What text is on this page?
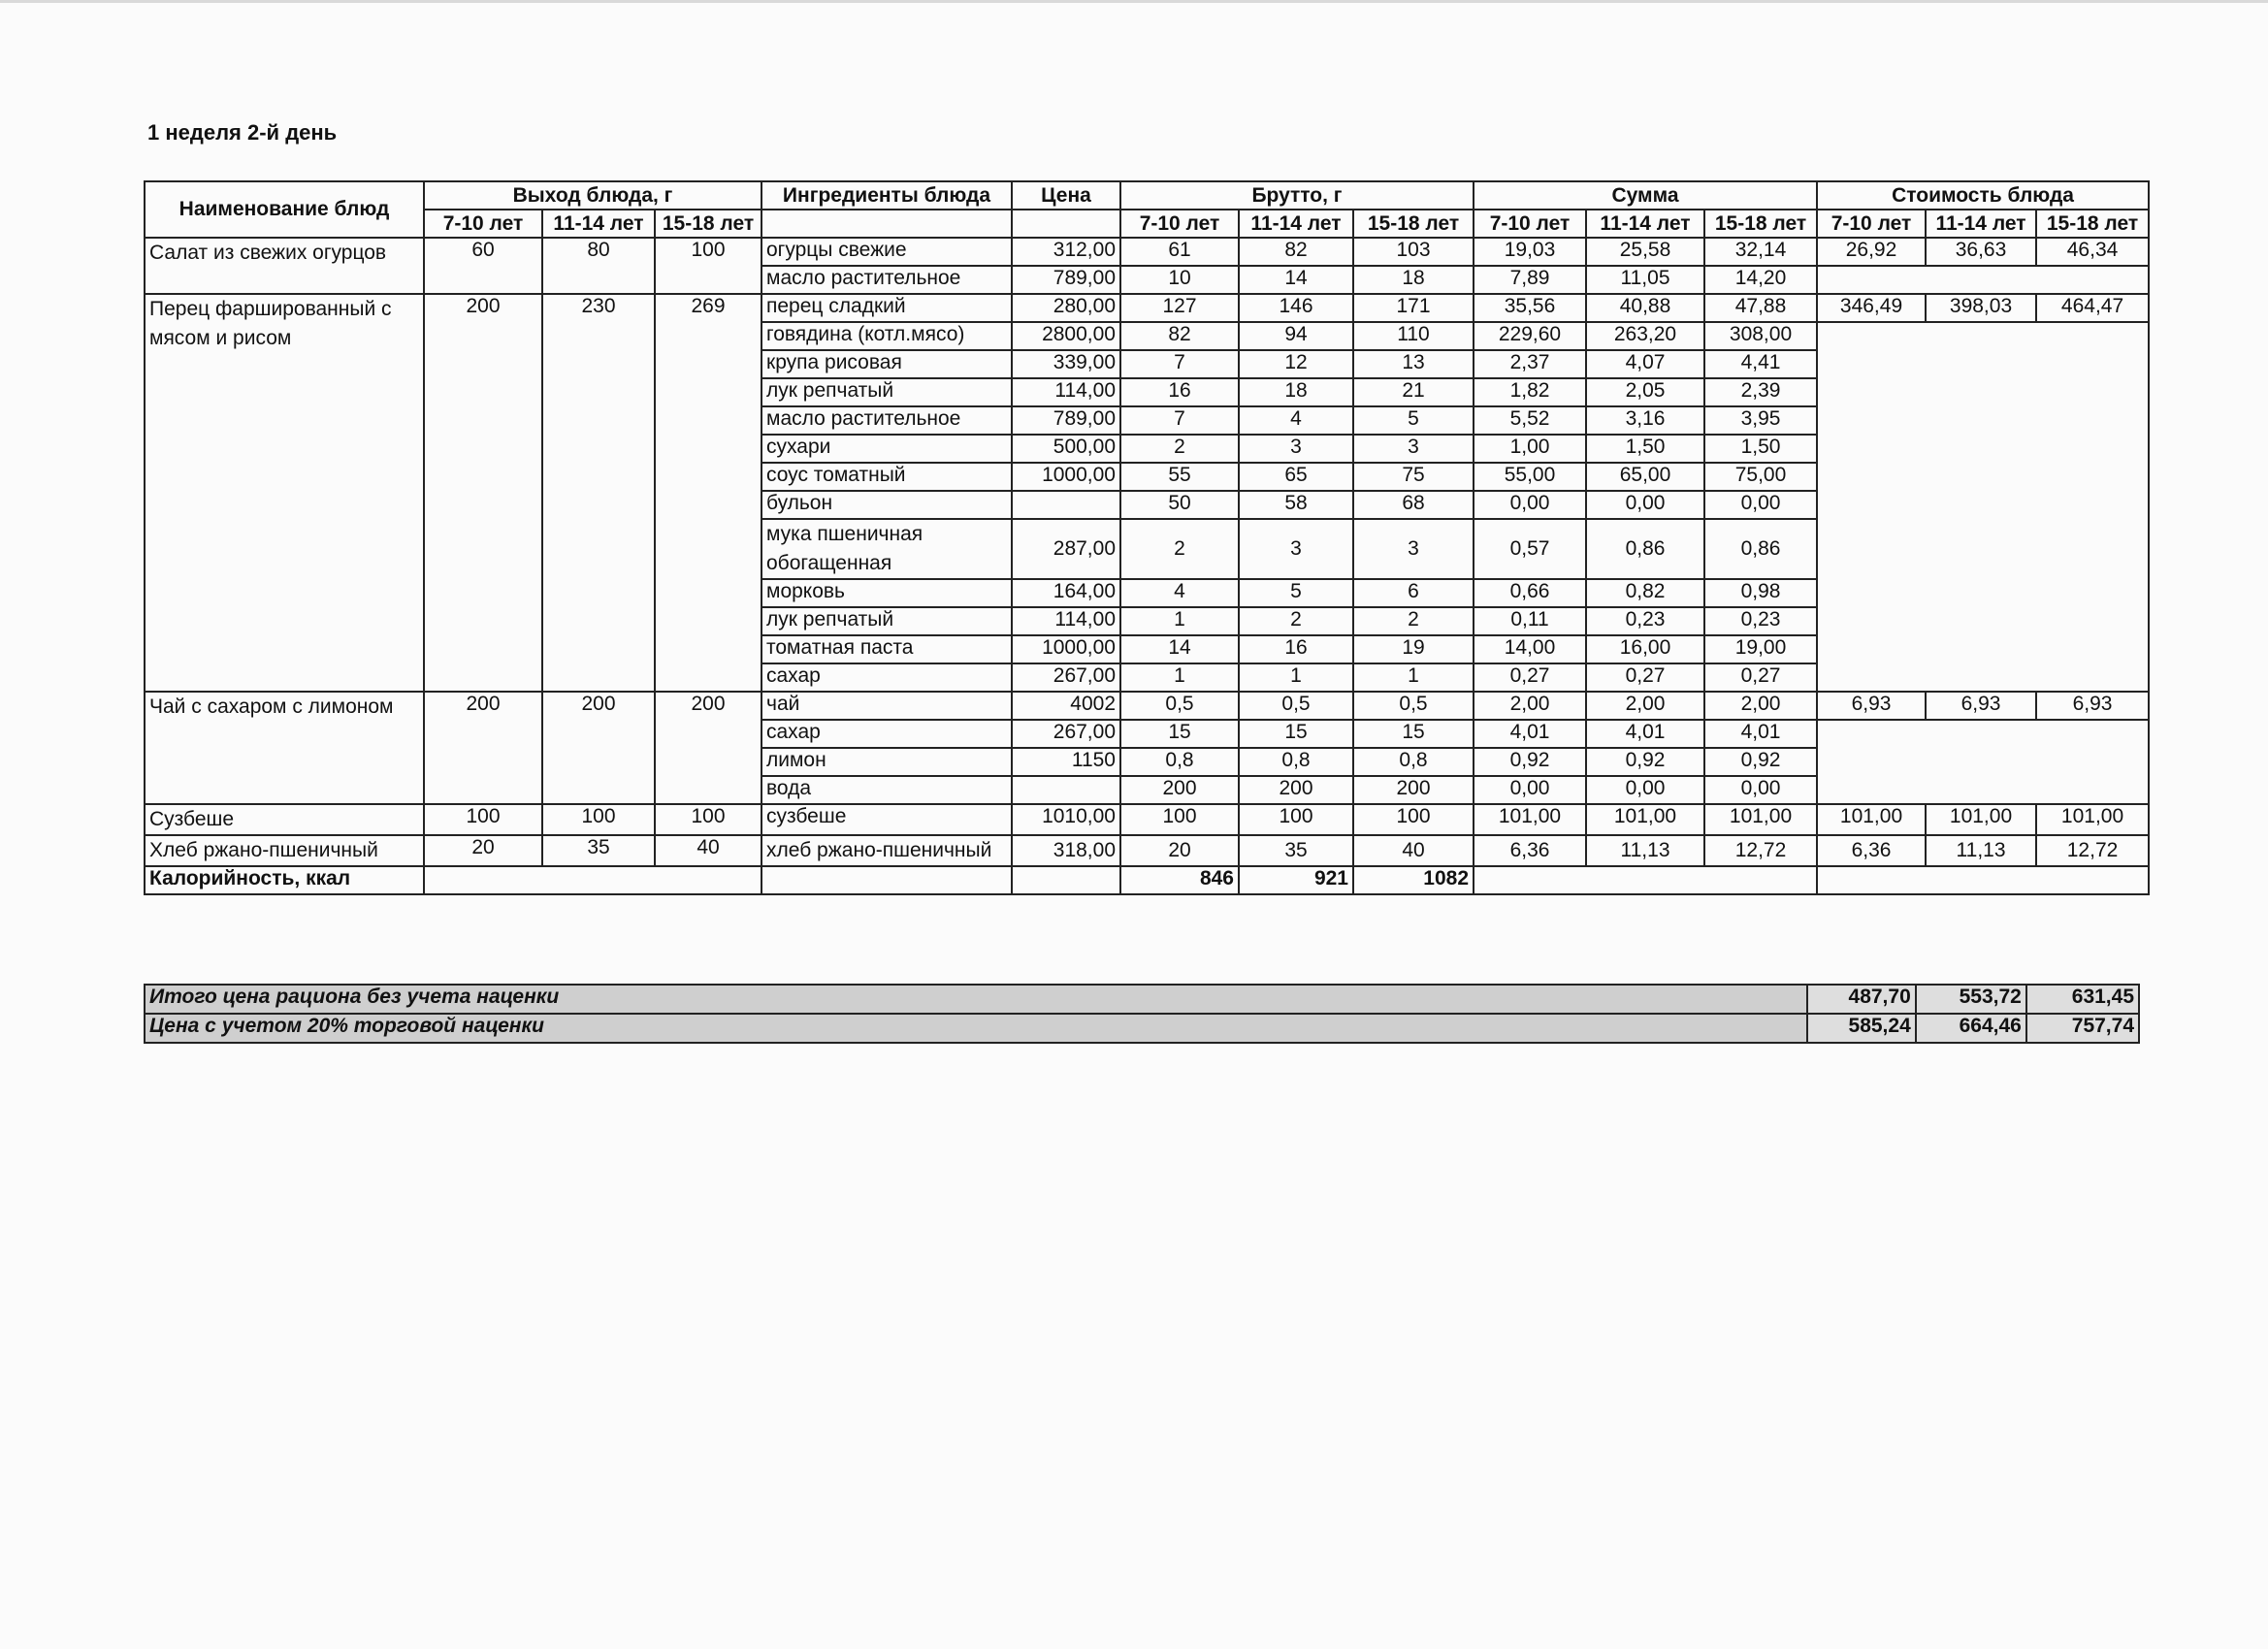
1 неделя 2-й день
Наименование блюд	Выход блюда, г			Ингредиенты блюда	Цена	Брутто, г			Сумма			Стоимость блюда		
	7-10 лет	11-14 лет	15-18 лет			7-10 лет	11-14 лет	15-18 лет	7-10 лет	11-14 лет	15-18 лет	7-10 лет	11-14 лет	15-18 лет
Салат из свежих огурцов	60	80	100	огурцы свежие	312,00	61	82	103	19,03	25,58	32,14	26,92	36,63	46,34
				масло растительное	789,00	10	14	18	7,89	11,05	14,20			
Перец фаршированный с мясом и рисом	200	230	269	перец сладкий	280,00	127	146	171	35,56	40,88	47,88	346,49	398,03	464,47
				говядина (котл.мясо)	2800,00	82	94	110	229,60	263,20	308,00			
				крупа рисовая	339,00	7	12	13	2,37	4,07	4,41			
				лук репчатый	114,00	16	18	21	1,82	2,05	2,39			
				масло растительное	789,00	7	4	5	5,52	3,16	3,95			
				сухари	500,00	2	3	3	1,00	1,50	1,50			
				соус томатный	1000,00	55	65	75	55,00	65,00	75,00			
				бульон		50	58	68	0,00	0,00	0,00			
				мука пшеничная обогащенная	287,00	2	3	3	0,57	0,86	0,86			
				морковь	164,00	4	5	6	0,66	0,82	0,98			
				лук репчатый	114,00	1	2	2	0,11	0,23	0,23			
				томатная паста	1000,00	14	16	19	14,00	16,00	19,00			
				сахар	267,00	1	1	1	0,27	0,27	0,27			
Чай с сахаром с лимоном	200	200	200	чай	4002	0,5	0,5	0,5	2,00	2,00	2,00	6,93	6,93	6,93
				сахар	267,00	15	15	15	4,01	4,01	4,01			
				лимон	1150	0,8	0,8	0,8	0,92	0,92	0,92			
				вода		200	200	200	0,00	0,00	0,00			
Сузбеше	100	100	100	сузбеше	1010,00	100	100	100	101,00	101,00	101,00	101,00	101,00	101,00
Хлеб ржано-пшеничный	20	35	40	хлеб ржано-пшеничный	318,00	20	35	40	6,36	11,13	12,72	6,36	11,13	12,72
Калорийность, ккал						846	921	1082						
Итого цена рациона без учета наценки	487,70	553,72	631,45
Цена с учетом 20% торговой наценки	585,24	664,46	757,74
